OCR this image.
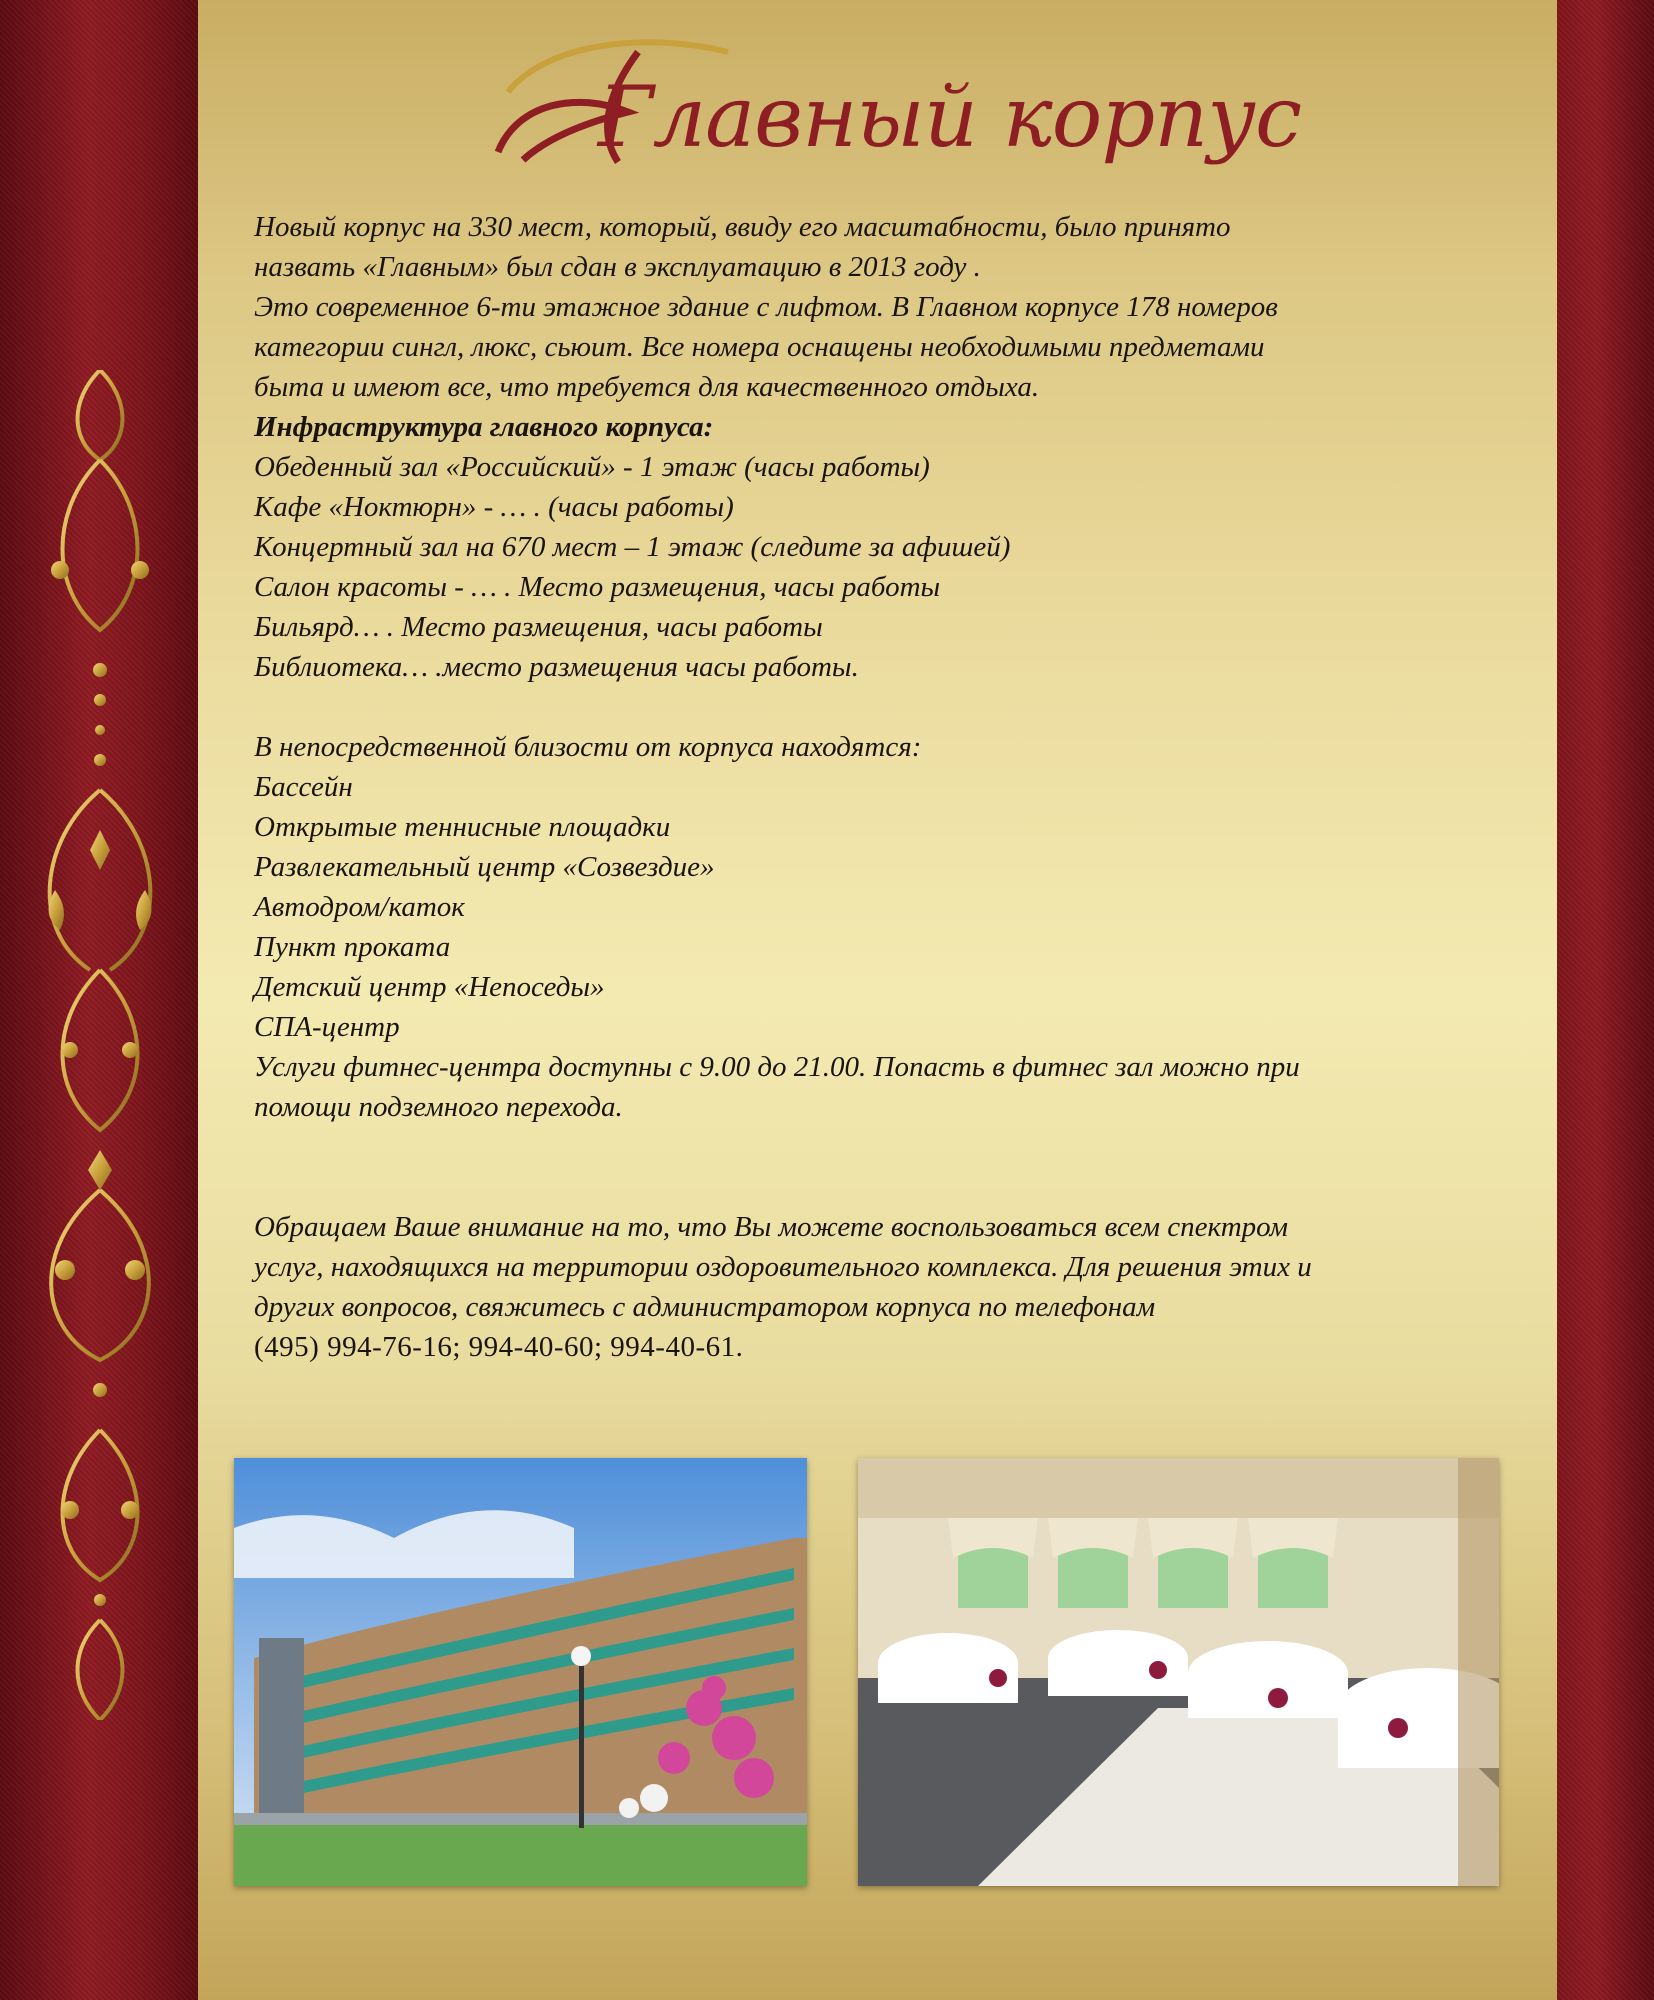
Главный корпус

Новый корпус на 330 мест, который, ввиду его масштабности, было принято

назвать «Главным» был сдан в эксплуатацию в 2013 году .

Это современное 6-ти этажное здание с лифтом. В Главном корпусе 178 номеров

категории сингл, люкс, сьюит. Все номера оснащены необходимыми предметами

быта и имеют все, что требуется для качественного отдыха.

Инфраструктура главного корпуса:

Обеденный зал «Российский» - 1 этаж (часы работы)

Кафе «Ноктюрн» - … . (часы работы)

Концертный зал на 670 мест – 1 этаж (следите за афишей)

Салон красоты - … . Место размещения, часы работы

Бильярд… . Место размещения, часы работы

Библиотека… .место размещения часы работы.

В непосредственной близости от корпуса находятся:

Бассейн

Открытые теннисные площадки

Развлекательный центр «Созвездие»

Автодром/каток

Пункт проката

Детский центр «Непоседы»

СПА-центр

Услуги фитнес-центра доступны с 9.00 до 21.00. Попасть в фитнес зал можно при

помощи подземного перехода.

Обращаем Ваше внимание на то, что Вы можете воспользоваться всем спектром

услуг, находящихся на территории оздоровительного комплекса. Для решения этих и

других вопросов, свяжитесь с администратором корпуса по телефонам

(495) 994-76-16; 994-40-60; 994-40-61.
